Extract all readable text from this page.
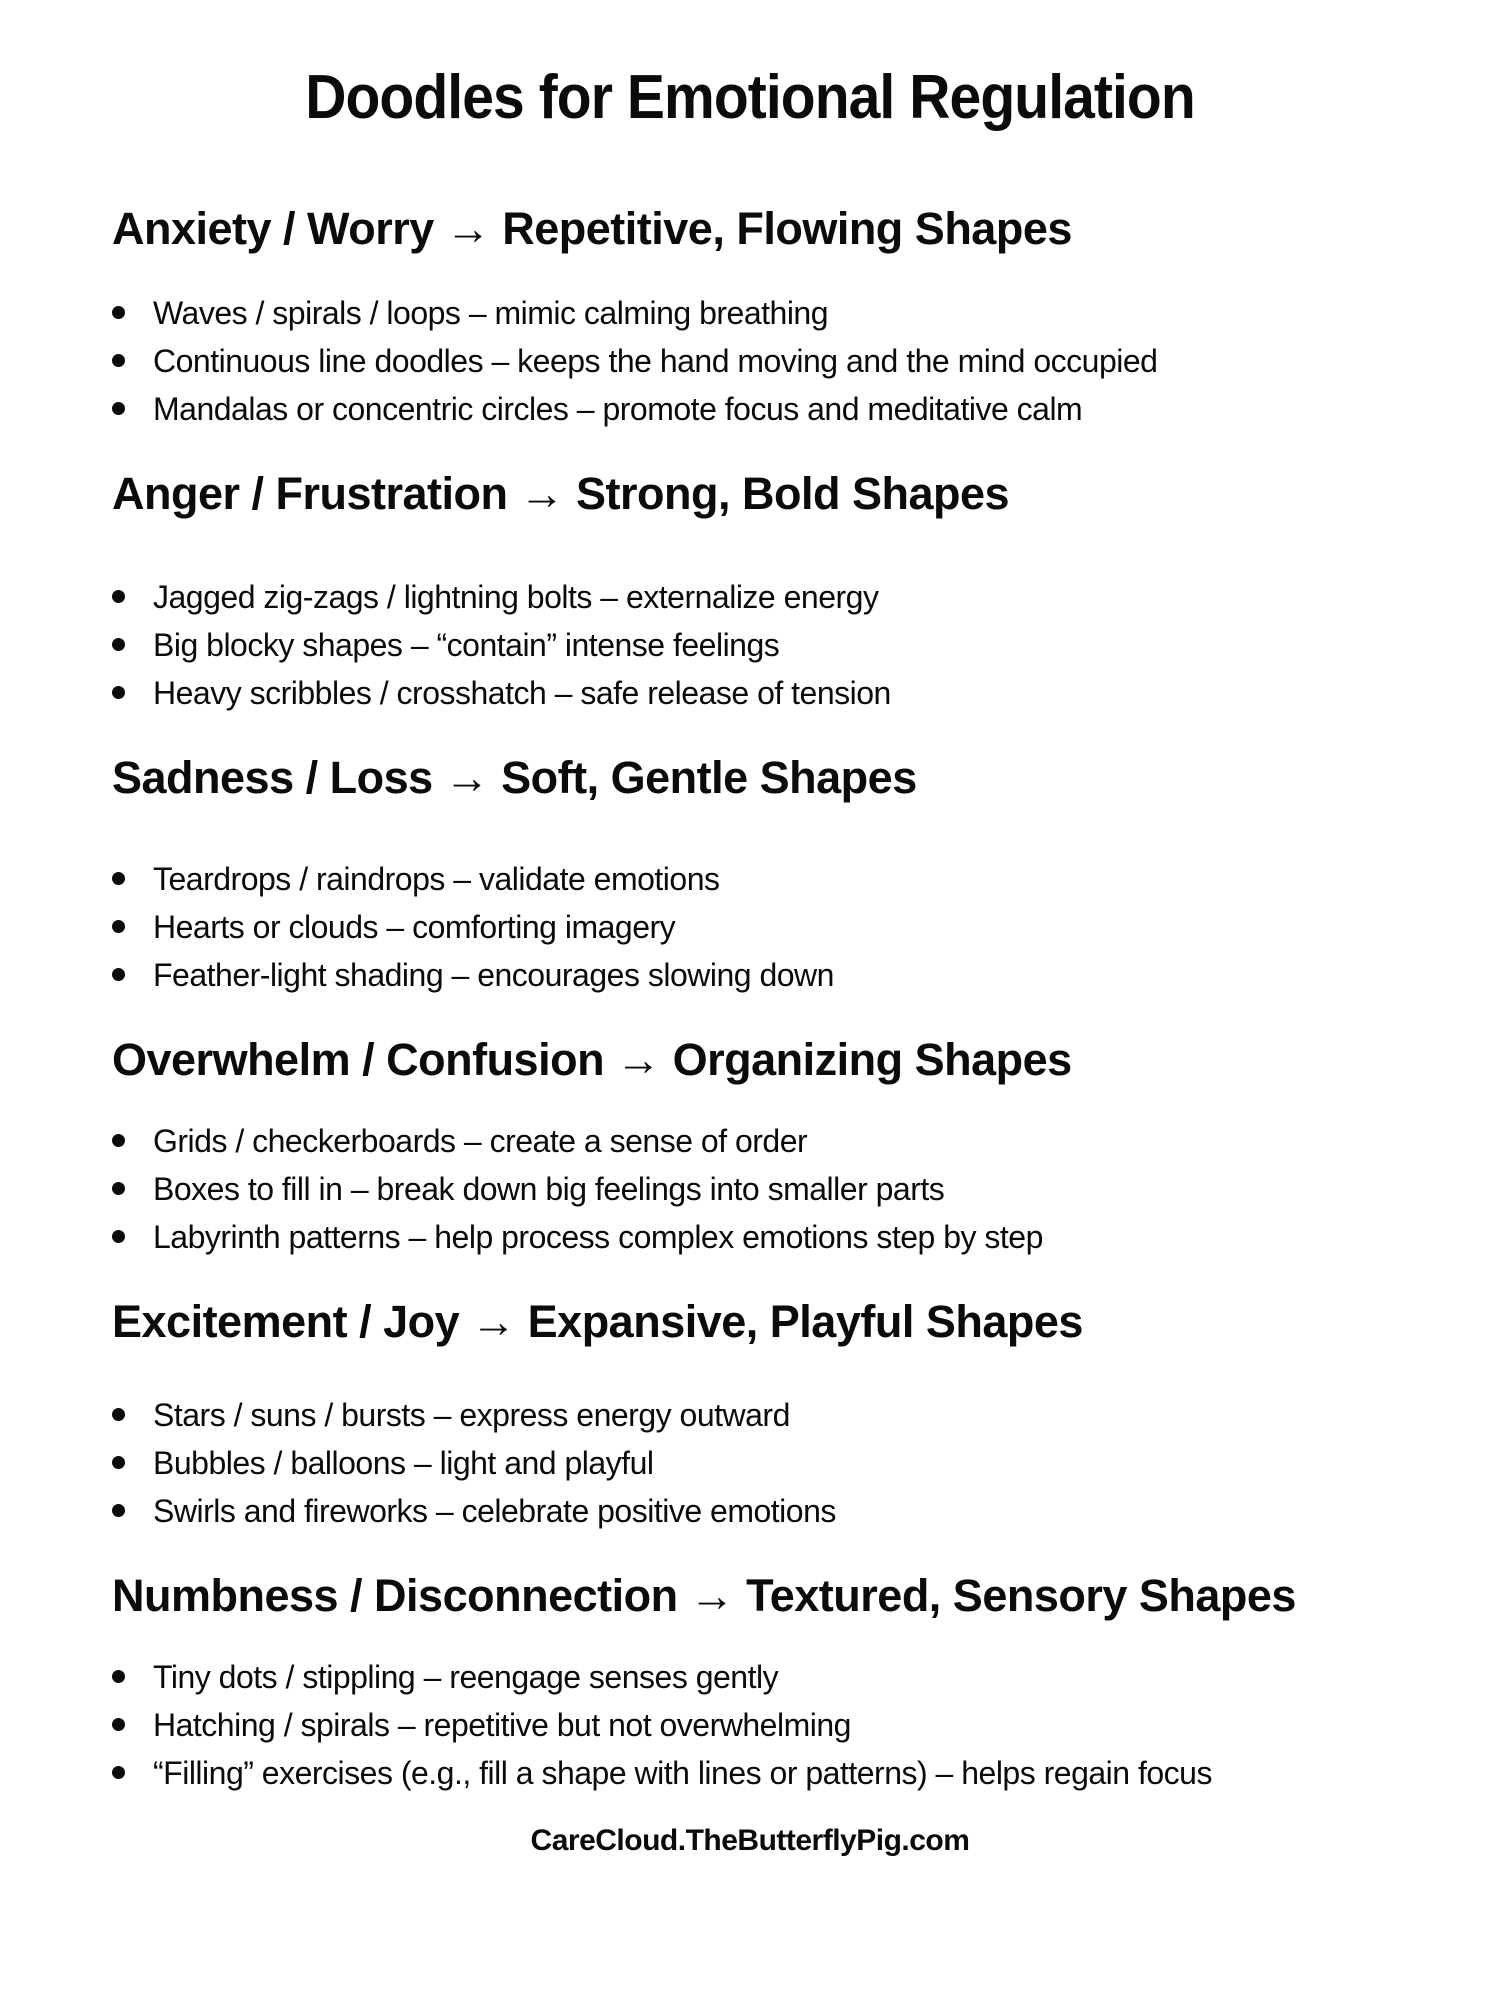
Doodles for Emotional Regulation
Anxiety / Worry → Repetitive, Flowing Shapes
Waves / spirals / loops – mimic calming breathing
Continuous line doodles – keeps the hand moving and the mind occupied
Mandalas or concentric circles – promote focus and meditative calm
Anger / Frustration → Strong, Bold Shapes
Jagged zig-zags / lightning bolts – externalize energy
Big blocky shapes – “contain” intense feelings
Heavy scribbles / crosshatch – safe release of tension
Sadness / Loss → Soft, Gentle Shapes
Teardrops / raindrops – validate emotions
Hearts or clouds – comforting imagery
Feather-light shading – encourages slowing down
Overwhelm / Confusion → Organizing Shapes
Grids / checkerboards – create a sense of order
Boxes to fill in – break down big feelings into smaller parts
Labyrinth patterns – help process complex emotions step by step
Excitement / Joy → Expansive, Playful Shapes
Stars / suns / bursts – express energy outward
Bubbles / balloons – light and playful
Swirls and fireworks – celebrate positive emotions
Numbness / Disconnection → Textured, Sensory Shapes
Tiny dots / stippling – reengage senses gently
Hatching / spirals – repetitive but not overwhelming
“Filling” exercises (e.g., fill a shape with lines or patterns) – helps regain focus
CareCloud.TheButterflyPig.com
